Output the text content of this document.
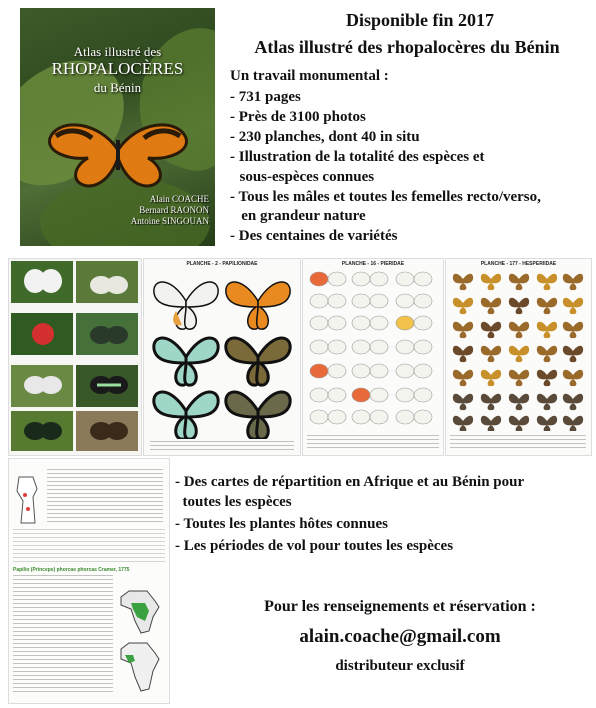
Atlas illustré des
RHOPALOCÈRES
du Bénin
Alain COACHE
Bernard RAONON
Antoine SINGOUAN
Disponible fin 2017
Atlas illustré des rhopalocères du Bénin
Un travail monumental :
- 731 pages
- Près de 3100 photos
- 230 planches, dont 40 in situ
- Illustration de la totalité des espèces et
sous-espèces connues
- Tous les mâles et toutes les femelles recto/verso,
en grandeur nature
- Des centaines de variétés
PLANCHE - 2 - PAPILIONIDAE	PLANCHE - 16 - PIERIDAE	PLANCHE - 177 - HESPERIIDAE
Papilio (Princeps) phorcas phorcas Cramer, 1775
- Des cartes de répartition en Afrique et au Bénin pour
toutes les espèces
- Toutes les plantes hôtes connues
- Les périodes de vol pour toutes les espèces
Pour les renseignements et réservation :
alain.coache@gmail.com
distributeur exclusif
